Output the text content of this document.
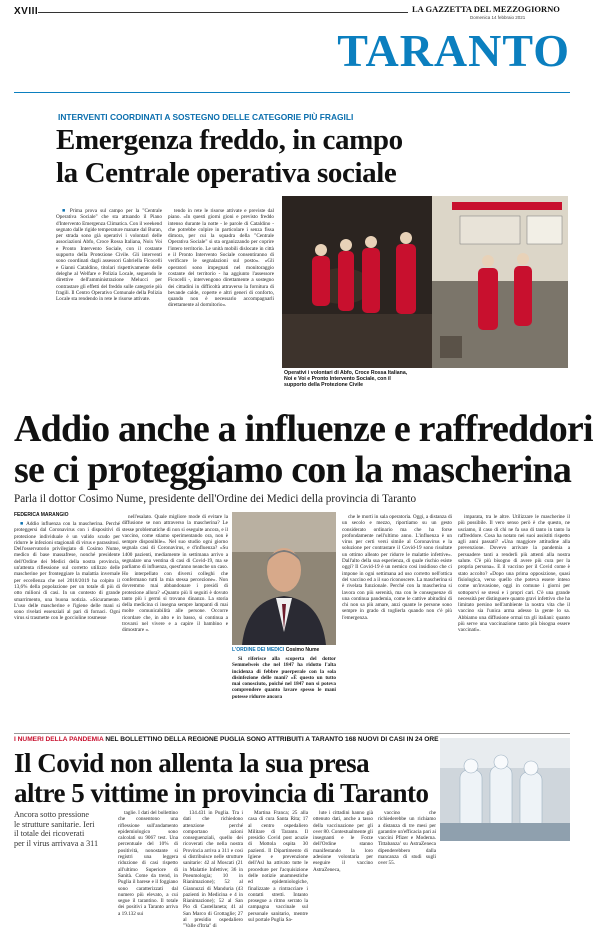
XVIII	LA GAZZETTA DEL MEZZOGIORNO
Domenica 14 febbraio 2021
TARANTO
INTERVENTI COORDINATI A SOSTEGNO DELLE CATEGORIE PIÙ FRAGILI
Emergenza freddo, in campo
la Centrale operativa sociale

■ Prima prova sul campo per la "Centrale Operativa Sociale" che sta attuando il Piano d'Intervento Emergenza Climatica. Con il weekend segnato dalle rigide temperature manate dal Buran, per strada sono già operativi i volontari delle associazioni Abfo, Croce Rossa Italiana, Noix Voi e Pronto Intervento Sociale, con il costante supporto della Protezione Civile. Gli interventi sono coordinati dagli assessori Gabriella Ficocelli e Gianni Cataldino, titolari rispettivamente delle deleghe al Welfare e Polizia Locale, seguendo le direttive dell'amministrazione Melucci per contrastare gli effetti del freddo sulle categorie più fragili. Il Centro Operativo Comunale della Polizia Locale sta rendendo in rete le risorse attivate.

tendo in rete le risorse attivate e previste dal piano. «In questi giorni gioni e previsto freddo intenso durante la notte - le parole di Cataldino - che potrebbe colpire in particolare i senza fissa dimora, per cui la squadra della "Centrale Operativa Sociale" si sta organizzando per coprire l'intero territorio. Le unità mobili dislocate in città e il Pronto Intervento Sociale consentiranno di verificare le segnalazioni sul posto». «Gli operatori sono impegnati nel monitoraggio costante del territorio - ha aggiunto l'assessore Ficocelli -, intervengono direttamente a sostegno dei cittadini in difficoltà attraverso la fornitura di bevande calde, coperte e altri generi di conforto, quando non è necessario accompagnarli direttamente al dormitorio».

Operativi i volontari di Abfo, Croce Rossa Italiana, Noi e Voi e Pronto Intervento Sociale, con il supporto della Protezione Civile
Addio anche a influenze e raffreddori
se ci proteggiamo con la mascherina
Parla il dottor Cosimo Nume, presidente dell'Ordine dei Medici della provincia di Taranto
FEDERICA MARANGIO

■ Addio influenza con la mascherina. Perché proteggersi dal Coronavirus con i dispositivi di protezione individuale è un valido scudo per ridurre le infezioni stagionali di virus e parassitosi. Dell'osservatorio privilegiato di Cosimo Nume, medico di base massafrese, nonché presidente dell'Ordine dei Medici della nostra provincia, un'attenta riflessione sul corretto utilizzo delle mascherine per fronteggiare la malattia invernale per eccellenza che nel 2018/2019 ha colpito il 13,6% della popolazione per un totale di più di otto milioni di casi. In un contesto di grande smarrimento, una buona notizia. «Sicuramente. L'uso delle mascherine e l'igiene delle mani si sono rivelati essenziali al pari di fornaci. Ogni virus si trasmette con le goccioline rosmesse

nell'esalato. Quale migliore mode di evitare la diffusione se non attraverso la mascherina? Le stesse problematiche di non si eseguite ancora, e il vaccino, come stiamo sperimentando ora, non è sempre disponibile». Nel suo studio ogni giorno segnala casi di Coronavirus, e d'influenza? «Su 1400 pazienti, mediamente in settimana arrivo a segnalare una ventina di casi di Covid-19, ma se parliamo di influenza, quest'anno neanche un caso. Ho interpellato con diversi colleghi che confermano tutti la mia stessa percezione». Non dovremmo mai abbandonare i presidi di protezione allora? «Quanto più li seguiti è dovuto tanto più i germi si trovano dinanzo. La storia della medicina ci insegna sempre lampanti di mai molte comunicabilità alle persone. Occorre ricordare che, in alto e in basso, si continua a trovarsi nel vivere e a capire il bambino e dimostrare ».

L'ORDINE DEI MEDICI Cosimo Nume

Si riferisce alla scoperta del dottor Semmelweis che nel 1847 ha ridotto l'alta incidenza di febbre puerperale con la sola disinfezione delle mani? «È questo un tutto mai conosciuto, poiché nel 1847 non si poteva comprendere quanto lavare spesso le mani potesse ridurre ancora

che le morti in sala operatoria. Oggi, a distanza di un secolo e mezzo, riportiamo su un gesto considerato ordinario ma che ha forse profondamente nell'ultimo anno. L'influenza è un virus per certi versi simile al Coronavirus e la soluzione per contrastare il Covid-19 sono risultate un ottimo alleato per ridurre le malattie infettive». Dall'alto della sua esperienza, di quale rischio esiste oggi? Il Covid-19 è un nemico così insidioso che ci impone in ogni settimana ad uso corretto nell'ottica del vaccino ed a il suo riconoscere. La mascherina si è rivelata funzionale. Perché con la mascherina si lavora con più serenità, ma con le conseguenze di una continua pandemia, come le cattive abitudini di chi non sa più amare, anzi quante le persone sono sempre in grado di toglierla quando non c'è più l'emergenza.

imparata, tra le altre. Utilizzare le mascherine il più possibile. Il vero senso però è che questo, ne usciamo, il caso di chi ne fa uso di tanto in tanto la raffreddore. Cosa ha notato nei suoi assistiti rispetto agli anni passati? «Una maggiore attitudine alla prevenzione. Dovevo arrivare la pandemia a persuadere tanti a renderli più attenti alla nostra salute. C'è più bisogno di avere più cura per la propria persona». E il vaccino per il Covid come è stato accolto? «Dopo una prima opposizione, quasi fisiologica, verso quello che poteva essere inteso come un'invasione, oggi in comune i giorni per sottoporvi se stessi e i propri cari. C'è una grande necessità per distinguere quanto gravi infettivo che ha limitato persino nell'ambiente la nostra vita che il vaccino sia l'unica arma adesso la gente lo sa. Abbiamo una diffusione ormai tra gli italiani: quanto più serve una vaccinazione tanto più bisogna essere vaccinati».

I NUMERI DELLA PANDEMIA NEL BOLLETTINO DELLA REGIONE PUGLIA SONO ATTRIBUITI A TARANTO 168 NUOVI DI CASI IN 24 ORE
Il Covid non allenta la sua presa
altre 5 vittime in provincia di Taranto
Ancora sotto pressione
le strutture sanitarie. Ieri
il totale dei ricoverati
per il virus arrivava a 311

taglie. I dati del bollettino che consentono una riflessione sull'andamento epidemiologico sono calcolati su 9067 test. Una percentuale del 10% di positività, nonostante si registri una leggera riduzione di casi rispetto all'ultimo Superiore di Sanità. Come da trend, in Puglia il barese e il foggiano sono caratterizzati dal numero più elevato, a cui segue il tarantino. Il totale dei positivi a Taranto arriva a 19.132 sui

134.431 in Puglia. Tra i dati che richiedono attenzione perché comportano azioni conseguenziali, quello dei ricoverati che nella nostra Provincia arriva a 311 e così si distribuisce nelle strutture sanitarie: 42 al Moscati (21 in Malattie Infettive; 36 in Pneumologia; 10 in Rianimazione); 52 al Giannuzzi di Manduria (43 pazienti in Medicina e 4 in Rianimazione); 52 al San Pio di Castellaneta; 41 al San Marco di Grottaglie; 27 al presidio ospedaliero "Valle d'Itria" di

Martina Franca; 25 alla casa di cura Santa Rita; 17 al centro ospedaliero Militare di Taranto. Il presidio Covid post acuzie di Mottola ospita 30 pazienti. Il Dipartimento di Igiene e prevenzione dell'Asl ha attivato tutte le procedure per l'acquisizione delle notizie anamnestiche ed epidemiologiche, finalizzate a rintracciare i contatti stretti. Intanto prosegue a ritmo serrato la campagna vaccinale sul personale sanitario, mentre sul portale Puglia Sa-

lute i cittadini hanno già ottenuto dati, anche a tasso della vaccinazione per gli over 80. Contestualmente gli insegnanti e le Forze dell'Ordine stanno manifestando la loro adesione volontaria per eseguire il vaccino AstraZeneca,

vaccino che richiederebbe un richiamo a distanza di tre mesi per garantire un'efficacia pari ai vaccini Pfizer e Moderna. Tittabanza' su AstraZeneca dipenderebbero dalla mancanza di studi sugli over 55.
